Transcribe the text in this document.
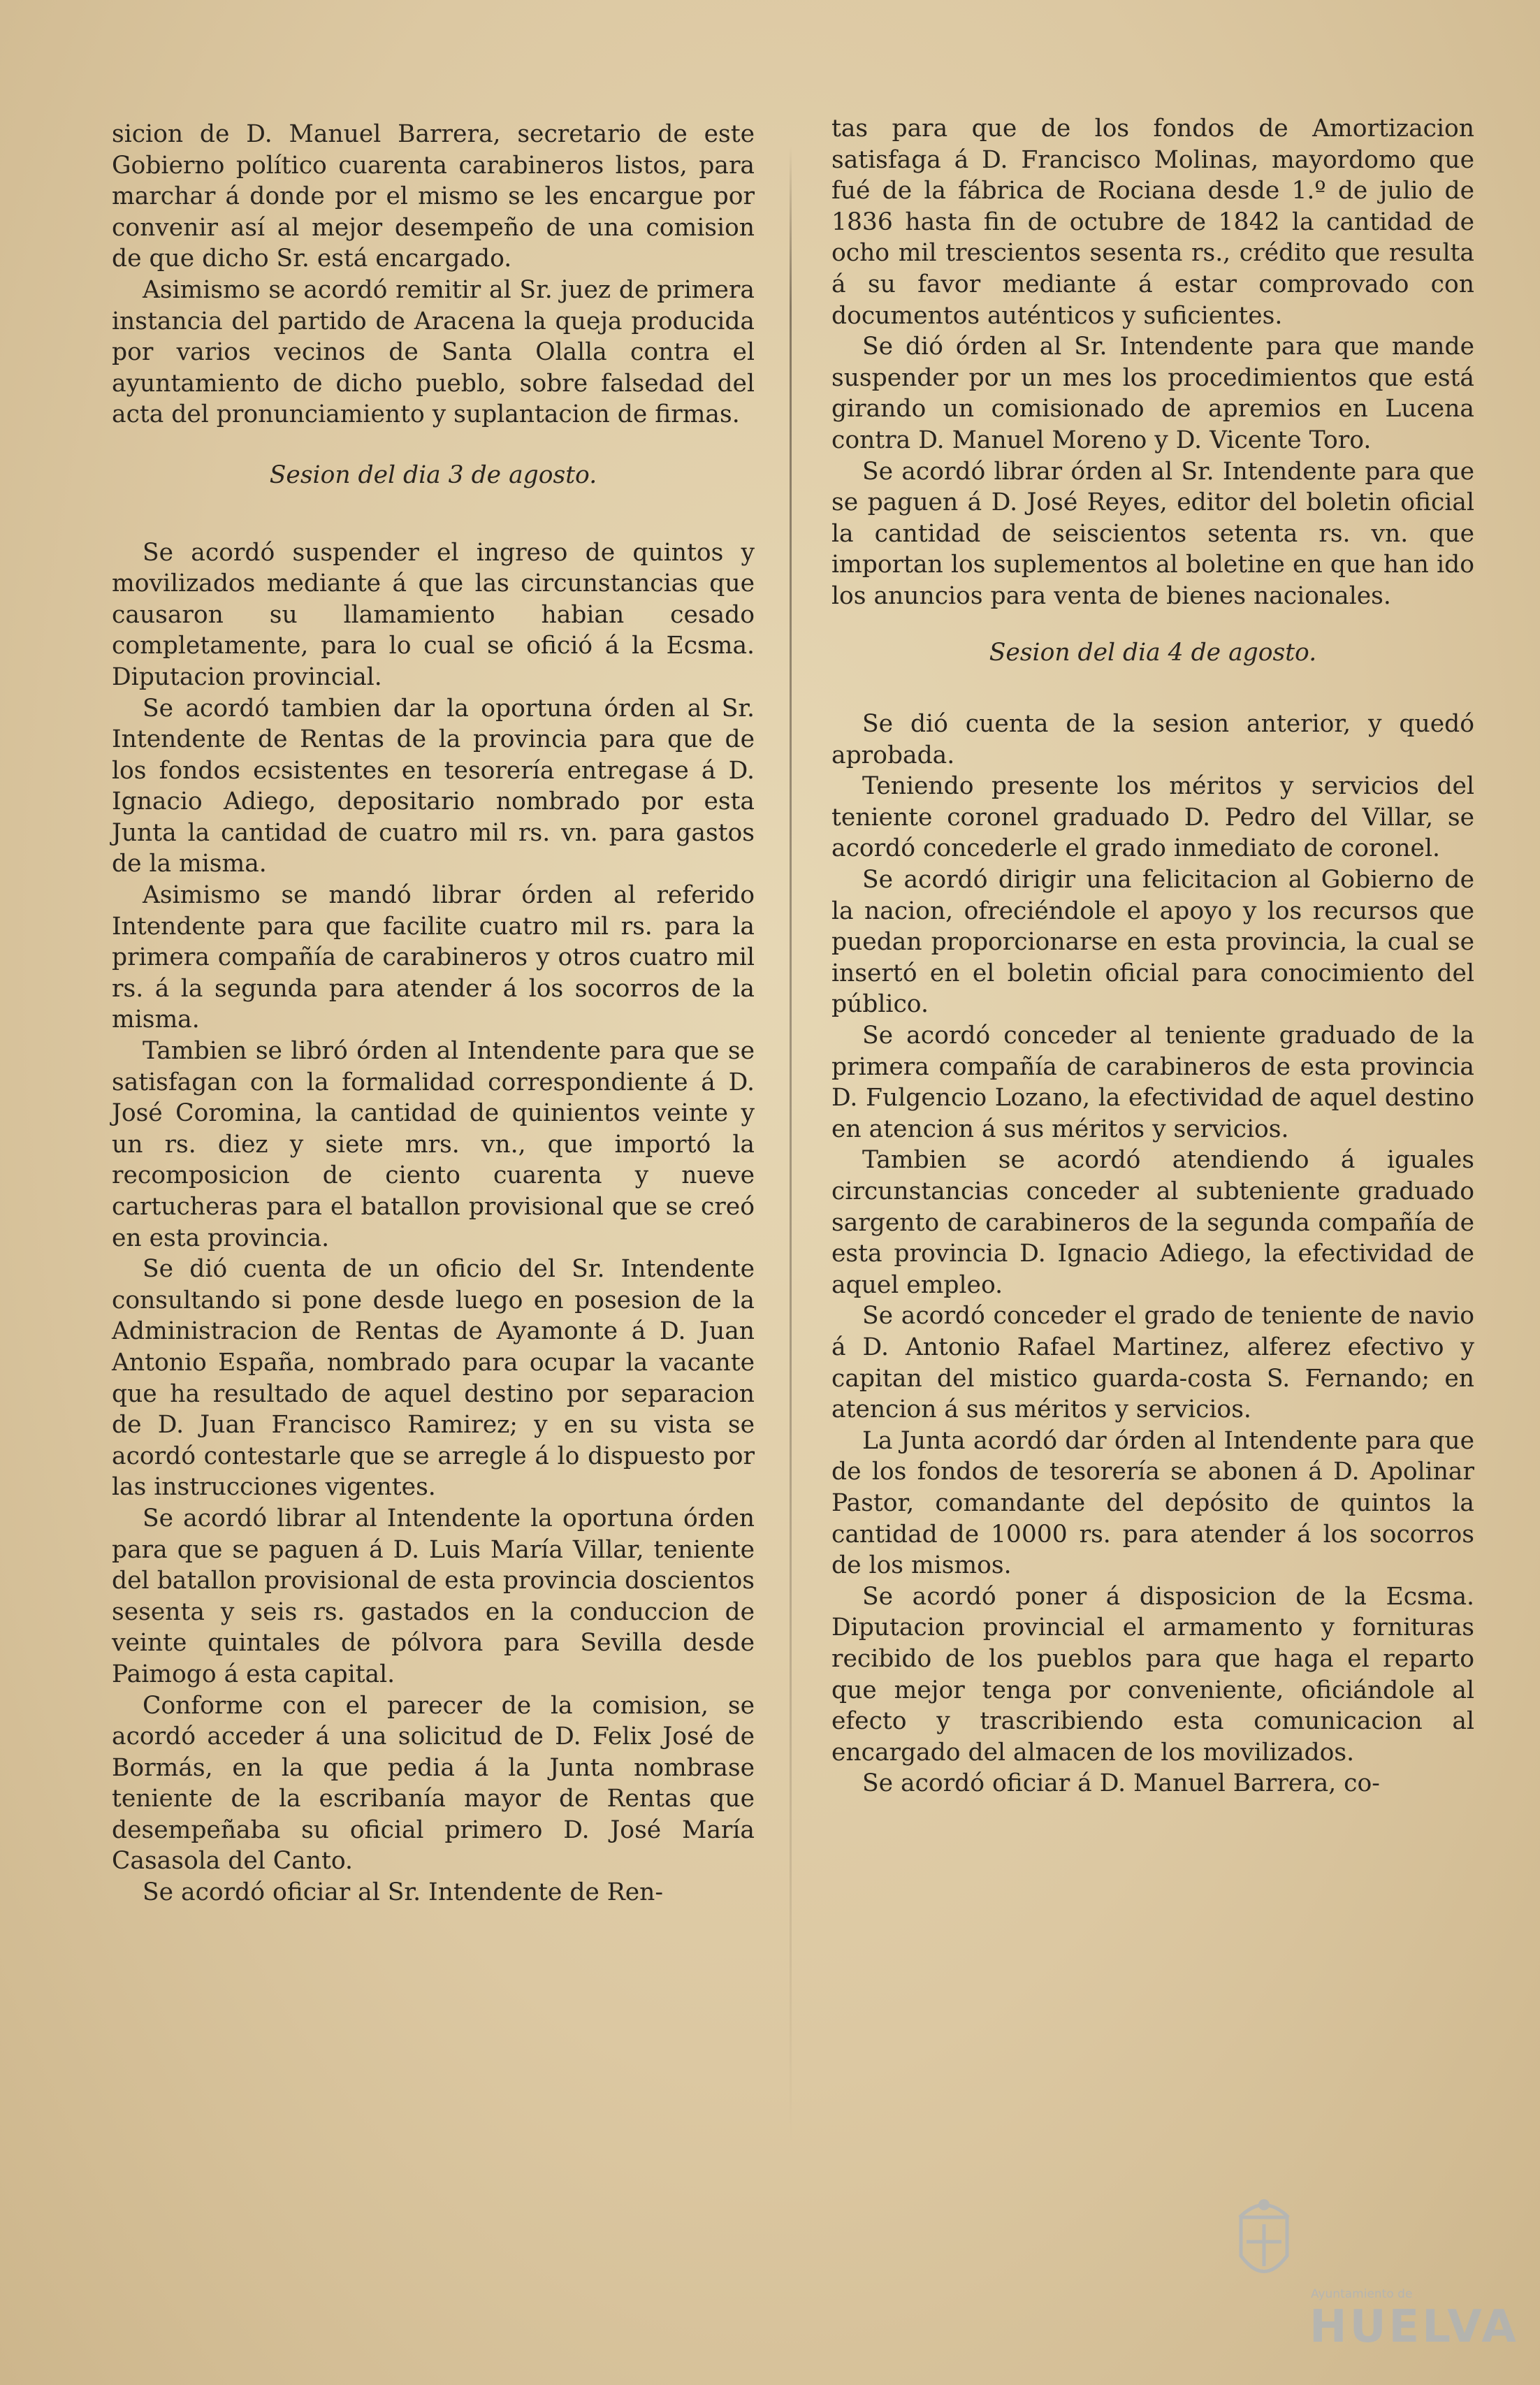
sicion de D. Manuel Barrera, secretario de este Gobierno político cuarenta carabineros listos, para marchar á donde por el mismo se les encargue por convenir así al mejor desempeño de una comision de que dicho Sr. está encargado.

Asimismo se acordó remitir al Sr. juez de primera instancia del partido de Aracena la queja producida por varios vecinos de Santa Olalla contra el ayuntamiento de dicho pueblo, sobre falsedad del acta del pronunciamiento y suplantacion de firmas.

Sesion del dia 3 de agosto.

Se acordó suspender el ingreso de quintos y movilizados mediante á que las circunstancias que causaron su llamamiento habian cesado completamente, para lo cual se ofició á la Ecsma. Diputacion provincial.

Se acordó tambien dar la oportuna órden al Sr. Intendente de Rentas de la provincia para que de los fondos ecsistentes en tesorería entregase á D. Ignacio Adiego, depositario nombrado por esta Junta la cantidad de cuatro mil rs. vn. para gastos de la misma.

Asimismo se mandó librar órden al referido Intendente para que facilite cuatro mil rs. para la primera compañía de carabineros y otros cuatro mil rs. á la segunda para atender á los socorros de la misma.

Tambien se libró órden al Intendente para que se satisfagan con la formalidad correspondiente á D. José Coromina, la cantidad de quinientos veinte y un rs. diez y siete mrs. vn., que importó la recomposicion de ciento cuarenta y nueve cartucheras para el batallon provisional que se creó en esta provincia.

Se dió cuenta de un oficio del Sr. Intendente consultando si pone desde luego en posesion de la Administracion de Rentas de Ayamonte á D. Juan Antonio España, nombrado para ocupar la vacante que ha resultado de aquel destino por separacion de D. Juan Francisco Ramirez; y en su vista se acordó contestarle que se arregle á lo dispuesto por las instrucciones vigentes.

Se acordó librar al Intendente la oportuna órden para que se paguen á D. Luis María Villar, teniente del batallon provisional de esta provincia doscientos sesenta y seis rs. gastados en la conduccion de veinte quintales de pólvora para Sevilla desde Paimogo á esta capital.

Conforme con el parecer de la comision, se acordó acceder á una solicitud de D. Felix José de Bormás, en la que pedia á la Junta nombrase teniente de la escribanía mayor de Rentas que desempeñaba su oficial primero D. José María Casasola del Canto.

Se acordó oficiar al Sr. Intendente de Ren-

tas para que de los fondos de Amortizacion satisfaga á D. Francisco Molinas, mayordomo que fué de la fábrica de Rociana desde 1.º de julio de 1836 hasta fin de octubre de 1842 la cantidad de ocho mil trescientos sesenta rs., crédito que resulta á su favor mediante á estar comprovado con documentos auténticos y suficientes.

Se dió órden al Sr. Intendente para que mande suspender por un mes los procedimientos que está girando un comisionado de apremios en Lucena contra D. Manuel Moreno y D. Vicente Toro.

Se acordó librar órden al Sr. Intendente para que se paguen á D. José Reyes, editor del boletin oficial la cantidad de seiscientos setenta rs. vn. que importan los suplementos al boletine en que han ido los anuncios para venta de bienes nacionales.

Sesion del dia 4 de agosto.

Se dió cuenta de la sesion anterior, y quedó aprobada.

Teniendo presente los méritos y servicios del teniente coronel graduado D. Pedro del Villar, se acordó concederle el grado inmediato de coronel.

Se acordó dirigir una felicitacion al Gobierno de la nacion, ofreciéndole el apoyo y los recursos que puedan proporcionarse en esta provincia, la cual se insertó en el boletin oficial para conocimiento del público.

Se acordó conceder al teniente graduado de la primera compañía de carabineros de esta provincia D. Fulgencio Lozano, la efectividad de aquel destino en atencion á sus méritos y servicios.

Tambien se acordó atendiendo á iguales circunstancias conceder al subteniente graduado sargento de carabineros de la segunda compañía de esta provincia D. Ignacio Adiego, la efectividad de aquel empleo.

Se acordó conceder el grado de teniente de navio á D. Antonio Rafael Martinez, alferez efectivo y capitan del mistico guarda-costa S. Fernando; en atencion á sus méritos y servicios.

La Junta acordó dar órden al Intendente para que de los fondos de tesorería se abonen á D. Apolinar Pastor, comandante del depósito de quintos la cantidad de 10000 rs. para atender á los socorros de los mismos.

Se acordó poner á disposicion de la Ecsma. Diputacion provincial el armamento y fornituras recibido de los pueblos para que haga el reparto que mejor tenga por conveniente, oficiándole al efecto y trascribiendo esta comunicacion al encargado del almacen de los movilizados.

Se acordó oficiar á D. Manuel Barrera, co-

Ayuntamiento de
HUELVA
